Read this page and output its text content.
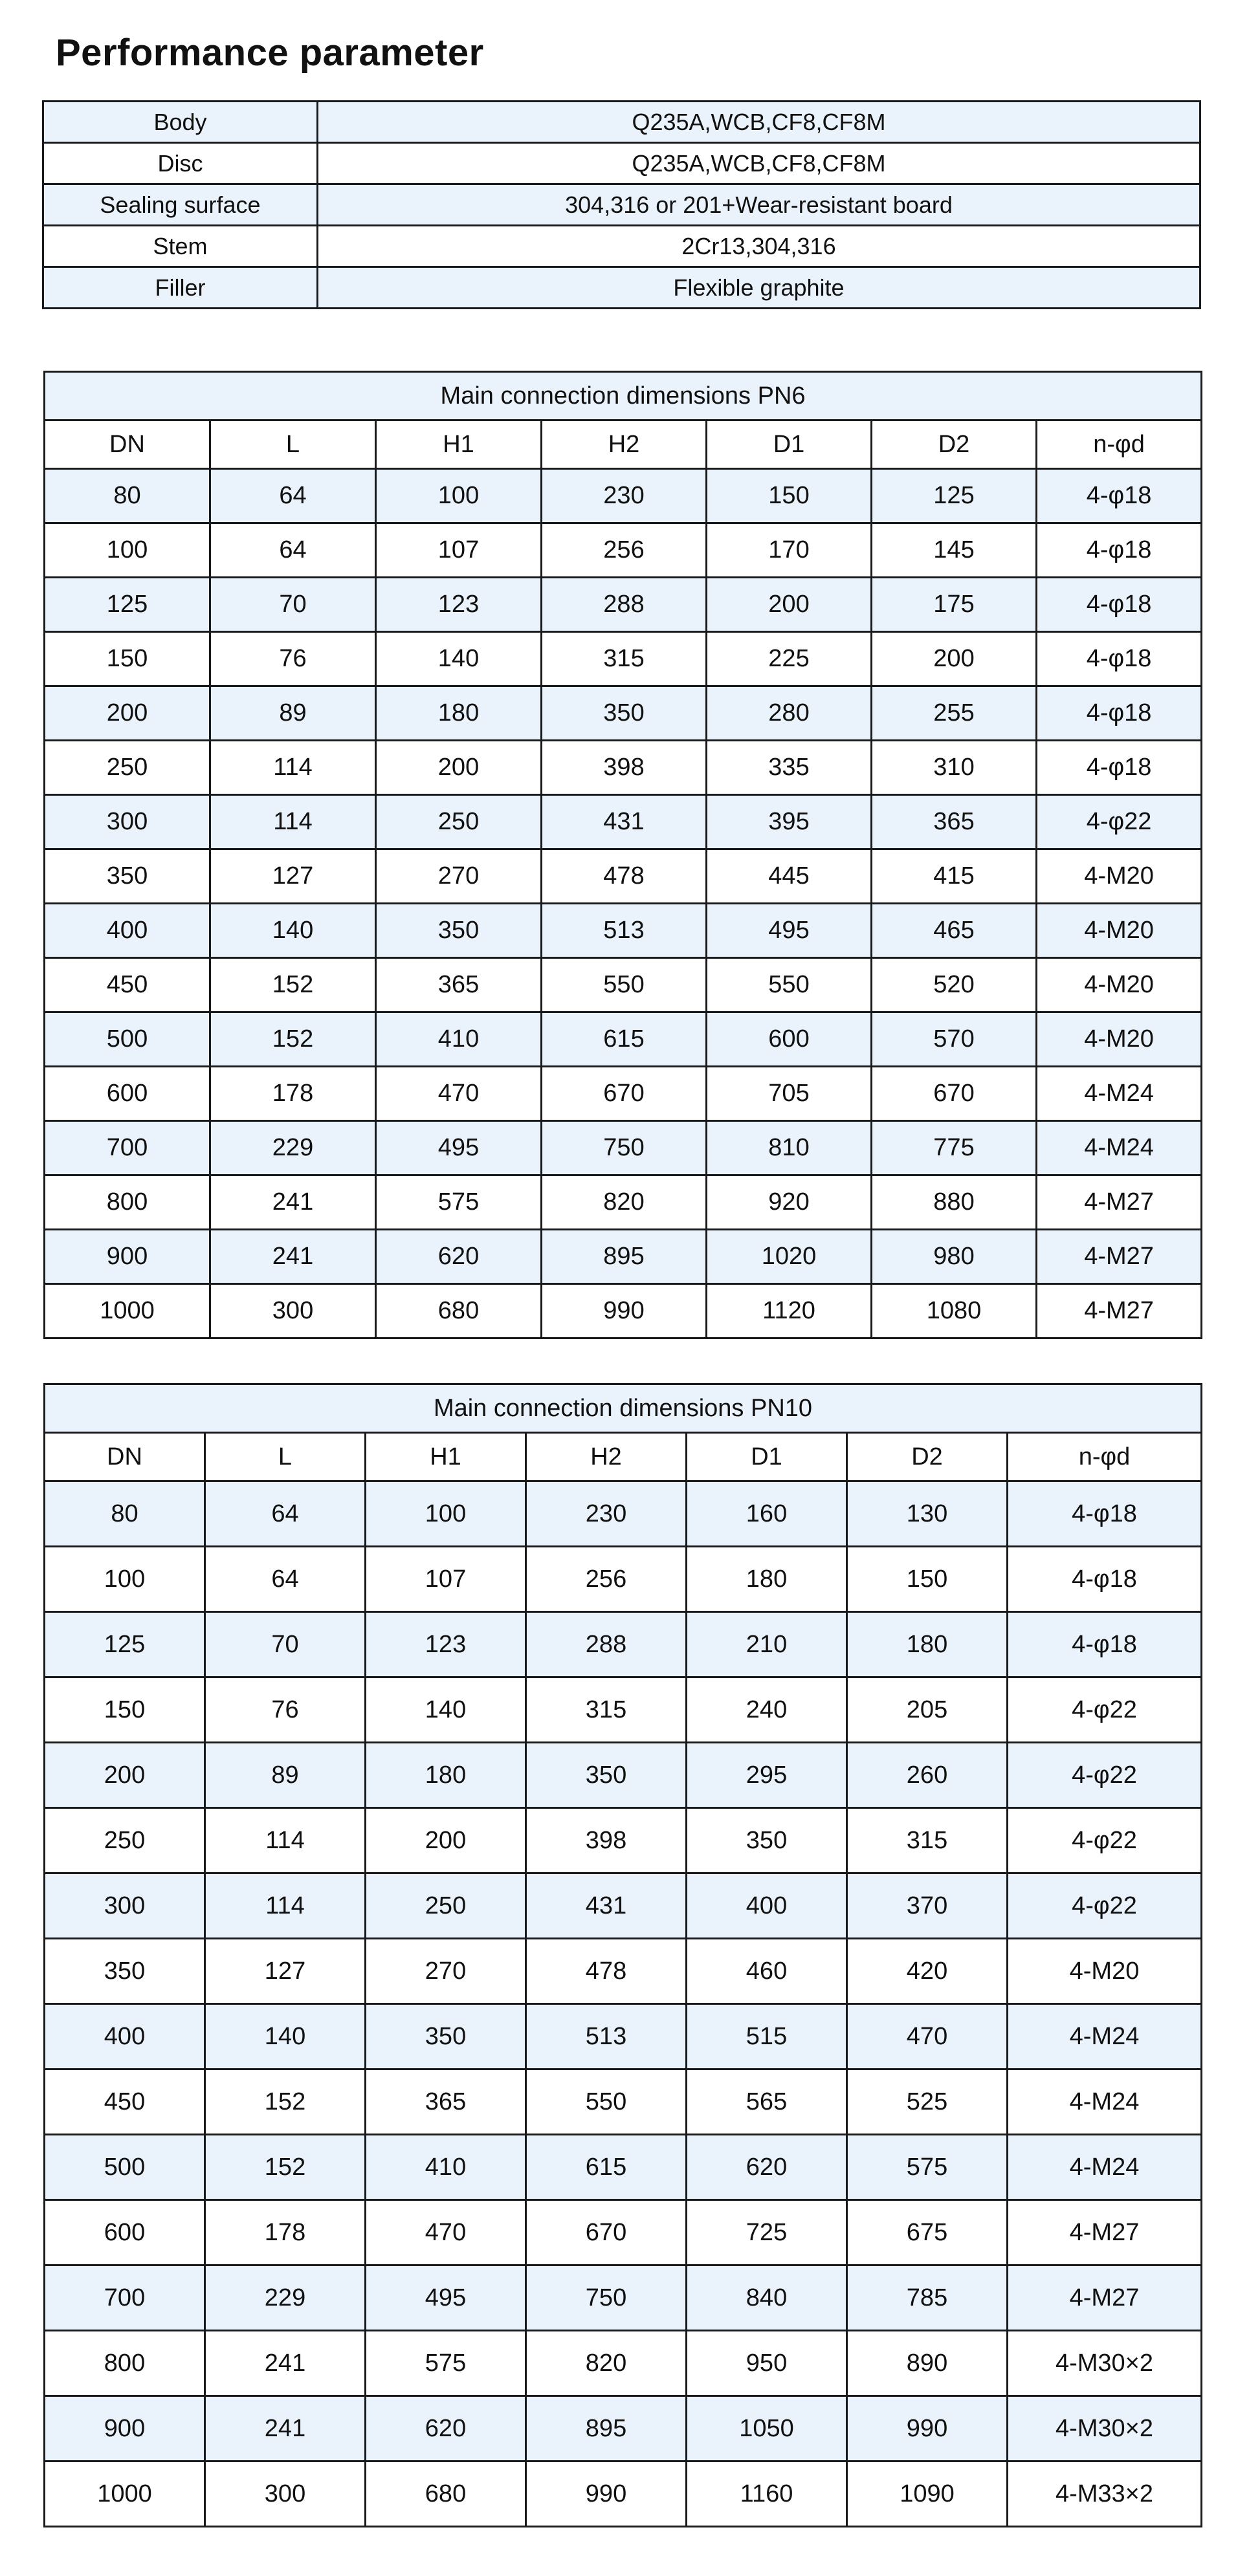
Performance parameter
Body	Q235A,WCB,CF8,CF8M
Disc	Q235A,WCB,CF8,CF8M
Sealing surface	304,316 or 201+Wear-resistant board
Stem	2Cr13,304,316
Filler	Flexible graphite
Main connection dimensions PN6						
DN	L	H1	H2	D1	D2	n-φd
80	64	100	230	150	125	4-φ18
100	64	107	256	170	145	4-φ18
125	70	123	288	200	175	4-φ18
150	76	140	315	225	200	4-φ18
200	89	180	350	280	255	4-φ18
250	114	200	398	335	310	4-φ18
300	114	250	431	395	365	4-φ22
350	127	270	478	445	415	4-M20
400	140	350	513	495	465	4-M20
450	152	365	550	550	520	4-M20
500	152	410	615	600	570	4-M20
600	178	470	670	705	670	4-M24
700	229	495	750	810	775	4-M24
800	241	575	820	920	880	4-M27
900	241	620	895	1020	980	4-M27
1000	300	680	990	1120	1080	4-M27
Main connection dimensions PN10						
DN	L	H1	H2	D1	D2	n-φd
80	64	100	230	160	130	4-φ18
100	64	107	256	180	150	4-φ18
125	70	123	288	210	180	4-φ18
150	76	140	315	240	205	4-φ22
200	89	180	350	295	260	4-φ22
250	114	200	398	350	315	4-φ22
300	114	250	431	400	370	4-φ22
350	127	270	478	460	420	4-M20
400	140	350	513	515	470	4-M24
450	152	365	550	565	525	4-M24
500	152	410	615	620	575	4-M24
600	178	470	670	725	675	4-M27
700	229	495	750	840	785	4-M27
800	241	575	820	950	890	4-M30×2
900	241	620	895	1050	990	4-M30×2
1000	300	680	990	1160	1090	4-M33×2
